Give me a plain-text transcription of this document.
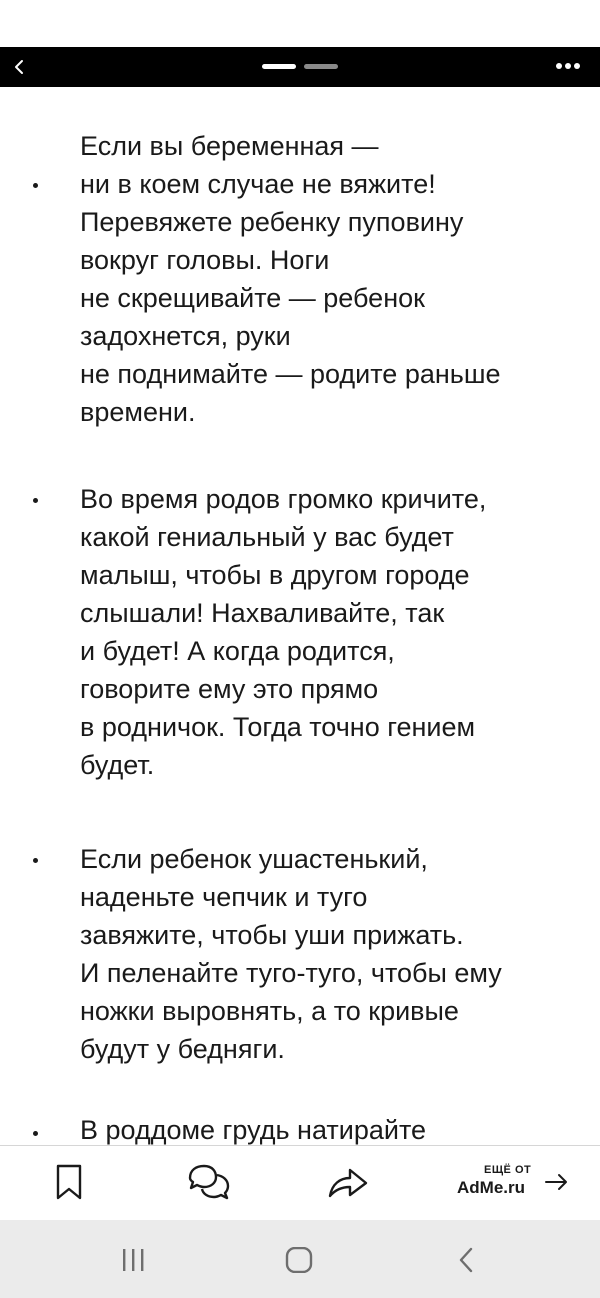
Если вы беременная —
ни в коем случае не вяжите!
Перевяжете ребенку пуповину
вокруг головы. Ноги
не скрещивайте — ребенок
задохнется, руки
не поднимайте — родите раньше
времени.

Во время родов громко кричите,
какой гениальный у вас будет
малыш, чтобы в другом городе
слышали! Нахваливайте, так
и будет! А когда родится,
говорите ему это прямо
в родничок. Тогда точно гением
будет.

Если ребенок ушастенький,
наденьте чепчик и туго
завяжите, чтобы уши прижать.
И пеленайте туго-туго, чтобы ему
ножки выровнять, а то кривые
будут у бедняги.

В роддоме грудь натирайте

ЕЩЁ ОТ
AdMe.ru
